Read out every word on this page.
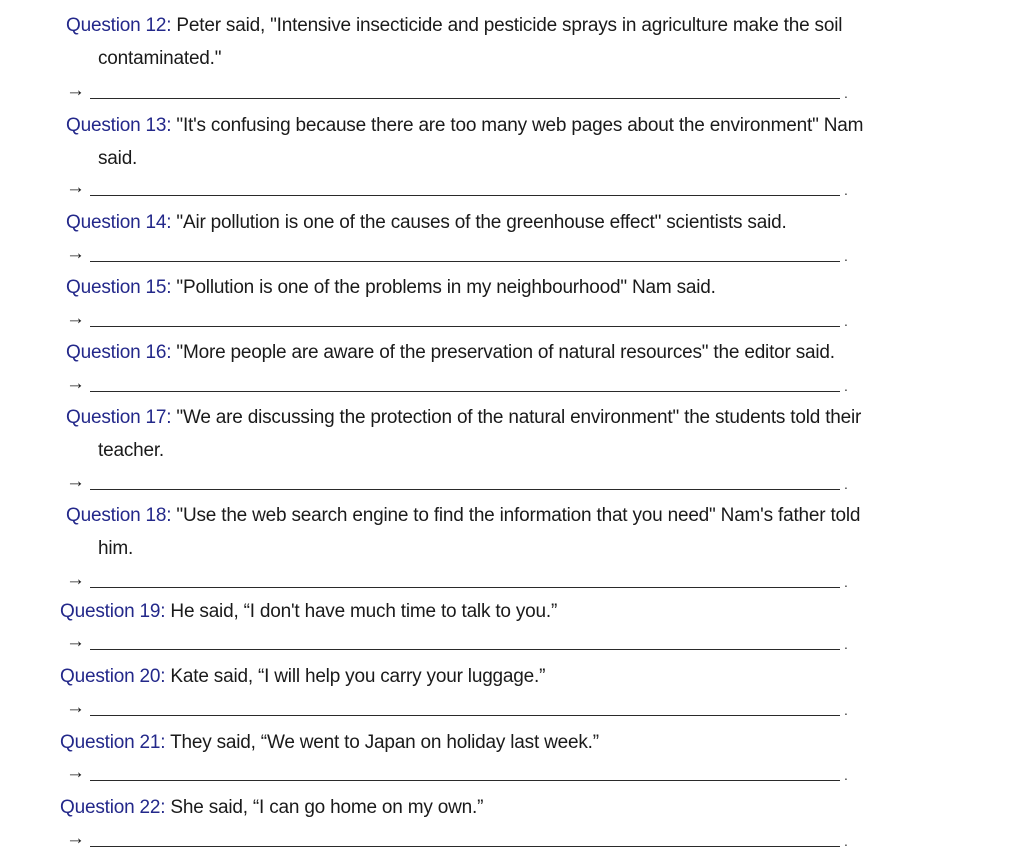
Question 12: Peter said, "Intensive insecticide and pesticide sprays in agriculture make the soil
contaminated."
→	.
Question 13: "It's confusing because there are too many web pages about the environment" Nam
said.
→	.
Question 14: "Air pollution is one of the causes of the greenhouse effect" scientists said.
→	.
Question 15: "Pollution is one of the problems in my neighbourhood" Nam said.
→	.
Question 16: "More people are aware of the preservation of natural resources" the editor said.
→	.
Question 17: "We are discussing the protection of the natural environment" the students told their
teacher.
→	.
Question 18: "Use the web search engine to find the information that you need" Nam's father told
him.
→	.
Question 19: He said, “I don't have much time to talk to you.”
→	.
Question 20: Kate said, “I will help you carry your luggage.”
→	.
Question 21: They said, “We went to Japan on holiday last week.”
→	.
Question 22: She said, “I can go home on my own.”
→	.
